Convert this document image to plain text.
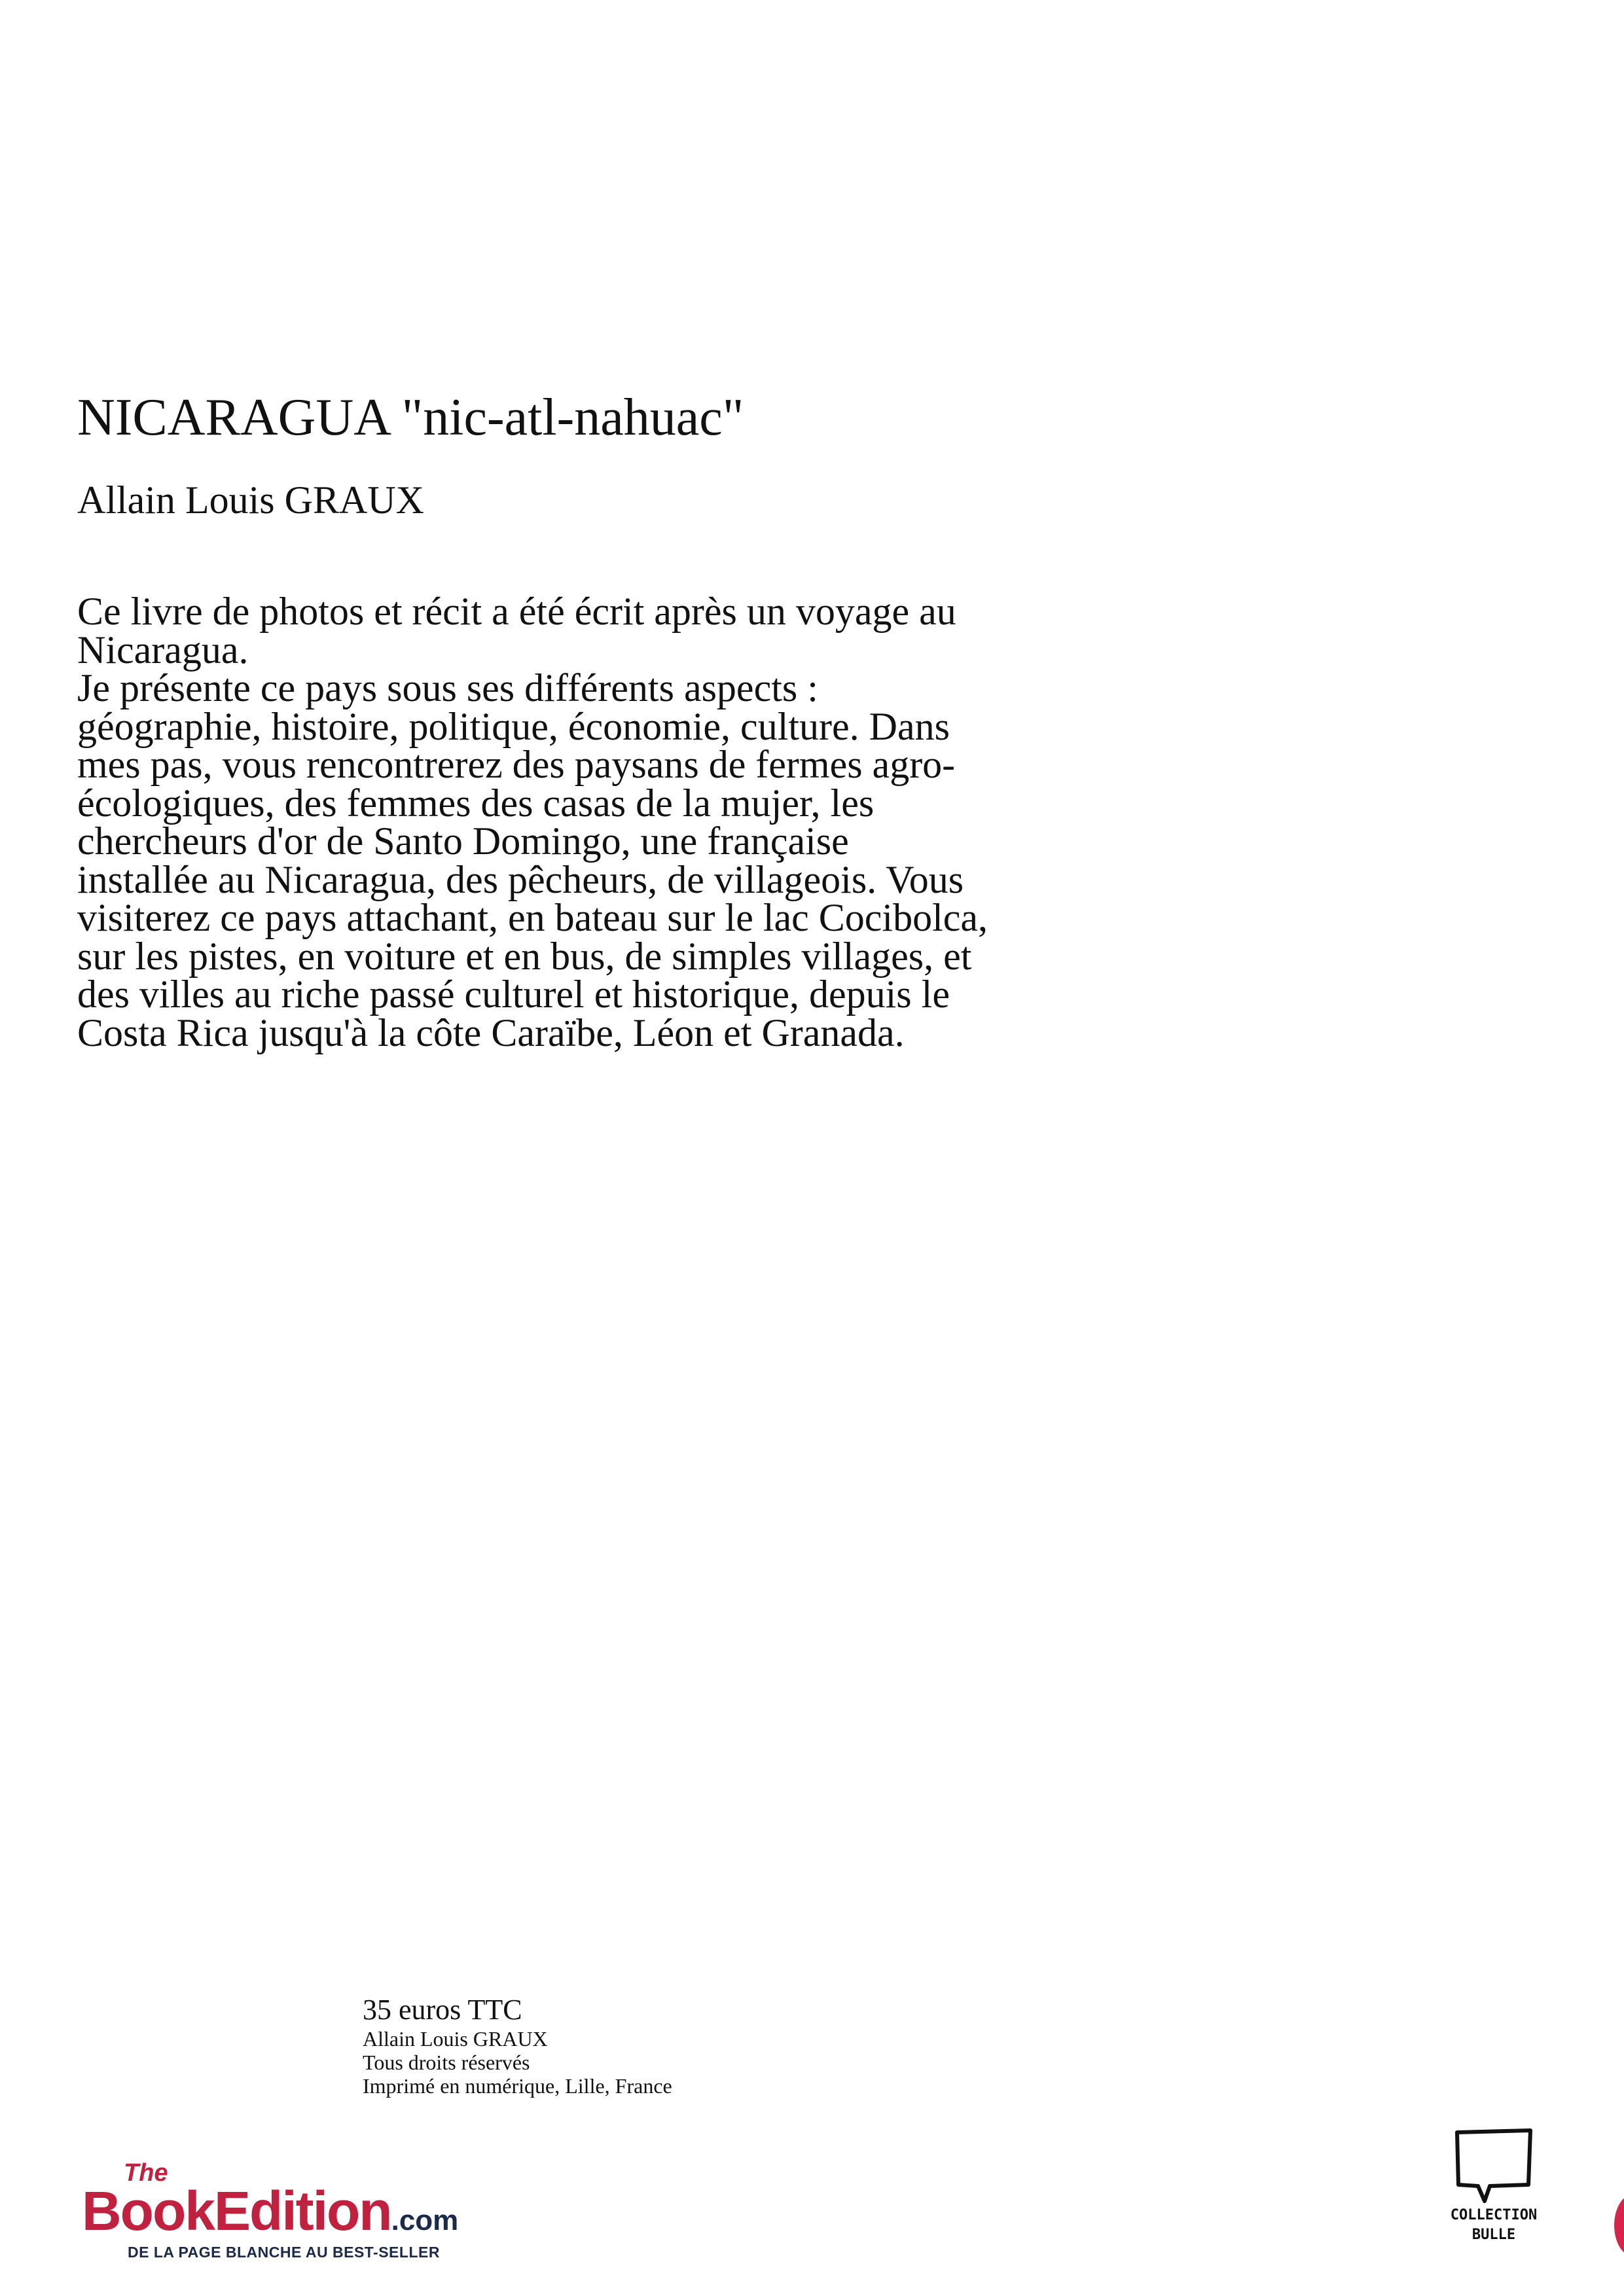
NICARAGUA "nic-atl-nahuac"
Allain Louis GRAUX
Ce livre de photos et récit a été écrit après un voyage au
Nicaragua.
Je présente ce pays sous ses différents aspects :
géographie, histoire, politique, économie, culture. Dans
mes pas, vous rencontrerez des paysans de fermes agro-
écologiques, des femmes des casas de la mujer, les
chercheurs d'or de Santo Domingo, une française
installée au Nicaragua, des pêcheurs, de villageois. Vous
visiterez ce pays attachant, en bateau sur le lac Cocibolca,
sur les pistes, en voiture et en bus, de simples villages, et
des villes au riche passé culturel et historique, depuis le
Costa Rica jusqu'à la côte Caraïbe, Léon et Granada.
35 euros TTC
Allain Louis GRAUX
Tous droits réservés
Imprimé en numérique, Lille, France
The
BookEdition.com
DE LA PAGE BLANCHE AU BEST-SELLER
COLLECTION
BULLE
